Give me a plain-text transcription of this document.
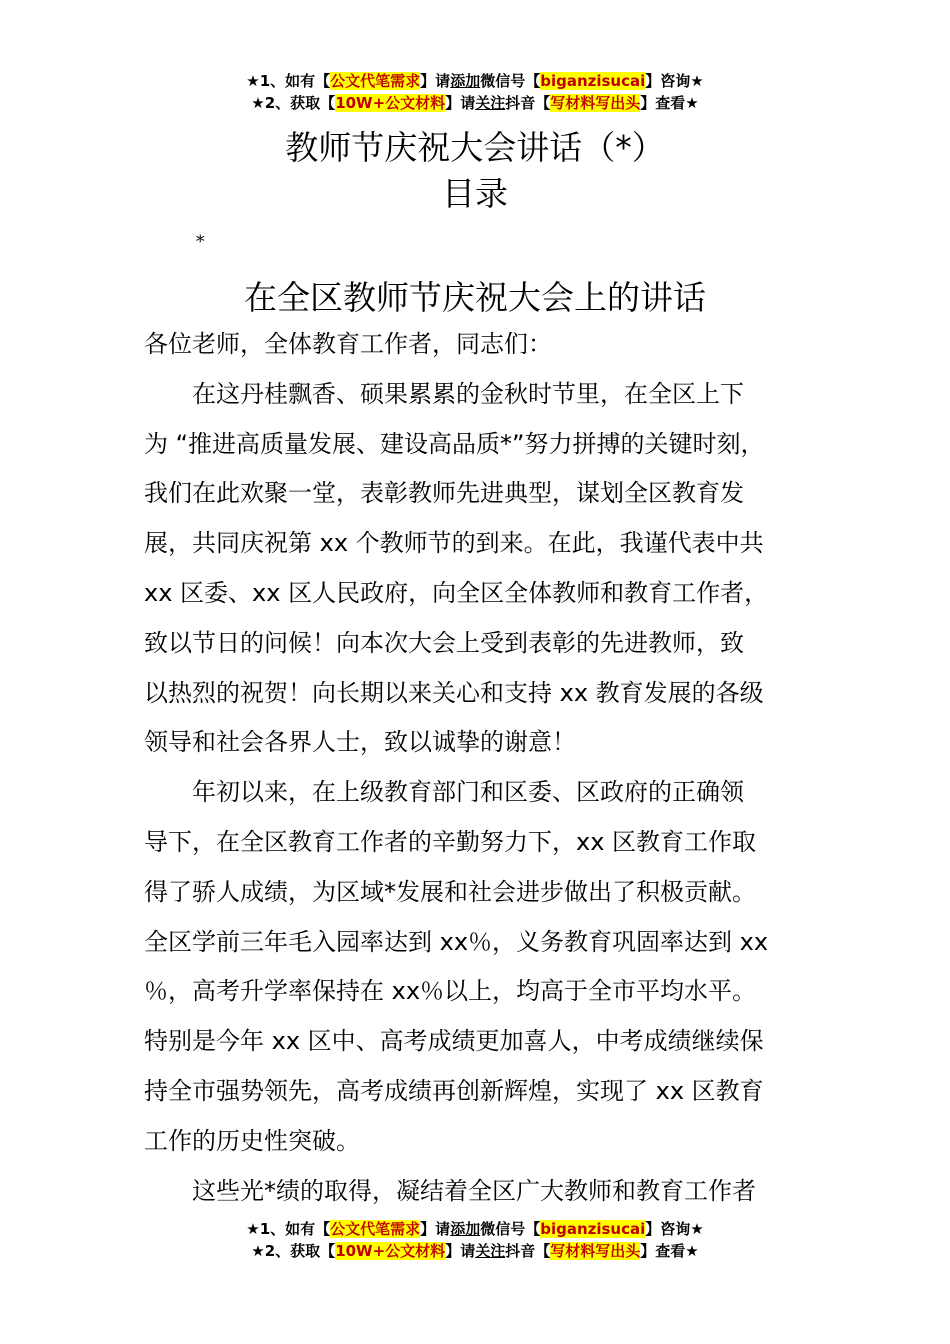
★1、如有【公文代笔需求】请添加微信号【biganzisucai】咨询★
★2、获取【10W+公文材料】请关注抖音【写材料写出头】查看★
教师节庆祝大会讲话（*）
目录
*
在全区教师节庆祝大会上的讲话
各位老师，全体教育工作者，同志们：
　　在这丹桂飘香、硕果累累的金秋时节里，在全区上下
为 “推进高质量发展、建设高品质*”努力拼搏的关键时刻，
我们在此欢聚一堂，表彰教师先进典型，谋划全区教育发
展，共同庆祝第 xx 个教师节的到来。在此，我谨代表中共
xx 区委、xx 区人民政府，向全区全体教师和教育工作者，
致以节日的问候！向本次大会上受到表彰的先进教师，致
以热烈的祝贺！向长期以来关心和支持 xx 教育发展的各级
领导和社会各界人士，致以诚挚的谢意！
　　年初以来，在上级教育部门和区委、区政府的正确领
导下，在全区教育工作者的辛勤努力下，xx 区教育工作取
得了骄人成绩，为区域*发展和社会进步做出了积极贡献。
全区学前三年毛入园率达到 xx％，义务教育巩固率达到 xx
％，高考升学率保持在 xx％以上，均高于全市平均水平。
特别是今年 xx 区中、高考成绩更加喜人，中考成绩继续保
持全市强势领先，高考成绩再创新辉煌，实现了 xx 区教育
工作的历史性突破。
　　这些光*绩的取得，凝结着全区广大教师和教育工作者
★1、如有【公文代笔需求】请添加微信号【biganzisucai】咨询★
★2、获取【10W+公文材料】请关注抖音【写材料写出头】查看★
